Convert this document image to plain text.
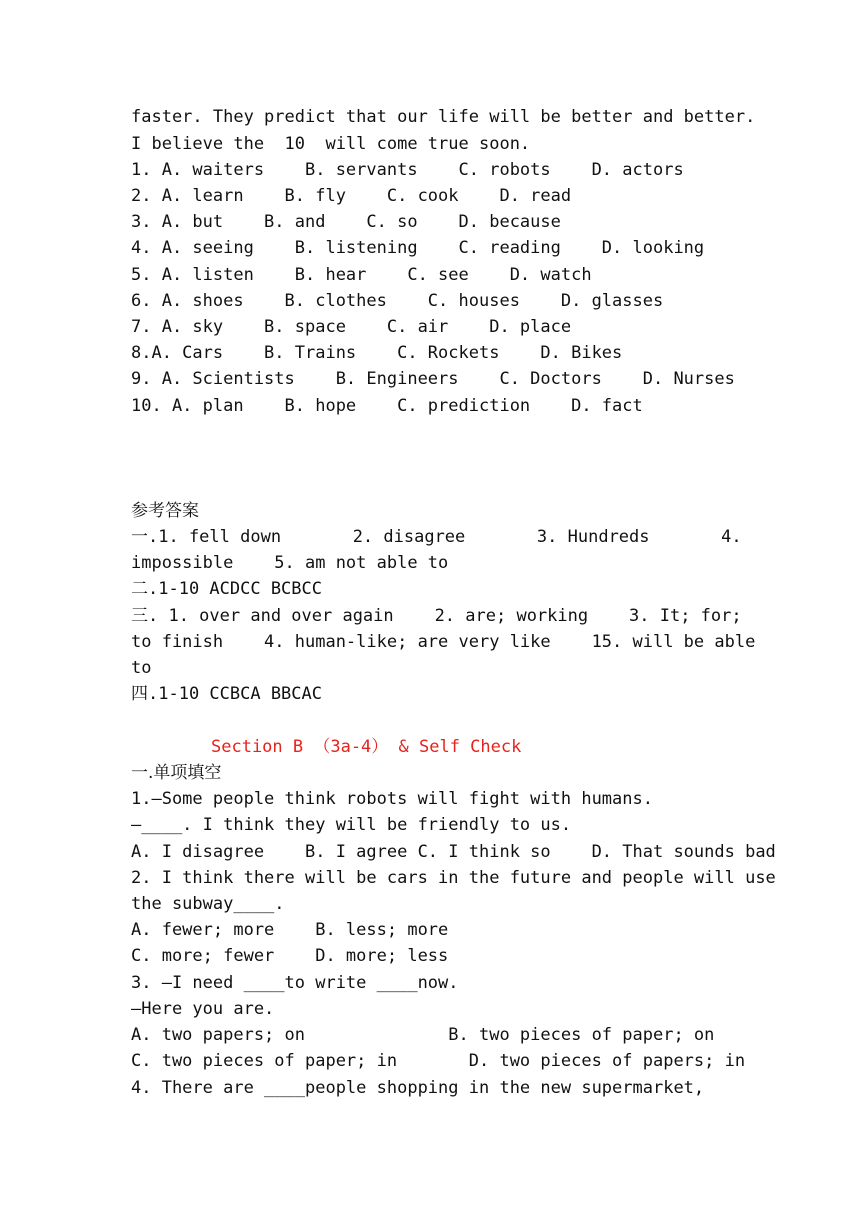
faster. They predict that our life will be better and better.

I believe the  10  will come true soon.

1. A. waiters    B. servants    C. robots    D. actors

2. A. learn    B. fly    C. cook    D. read

3. A. but    B. and    C. so    D. because

4. A. seeing    B. listening    C. reading    D. looking

5. A. listen    B. hear    C. see    D. watch

6. A. shoes    B. clothes    C. houses    D. glasses

7. A. sky    B. space    C. air    D. place

8.A. Cars    B. Trains    C. Rockets    D. Bikes

9. A. Scientists    B. Engineers    C. Doctors    D. Nurses

10. A. plan    B. hope    C. prediction    D. fact

参考答案

一.1. fell down       2. disagree       3. Hundreds       4.

impossible    5. am not able to

二.1-10 ACDCC BCBCC

三. 1. over and over again    2. are; working    3. It; for;

to finish    4. human-like; are very like    15. will be able

to

四.1-10 CCBCA BBCAC

Section B （3a-4） & Self Check

一.单项填空

1.—Some people think robots will fight with humans.

—____. I think they will be friendly to us.

A. I disagree    B. I agree C. I think so    D. That sounds bad

2. I think there will be cars in the future and people will use

the subway____.

A. fewer; more    B. less; more

C. more; fewer    D. more; less

3. —I need ____to write ____now.

—Here you are.

A. two papers; on              B. two pieces of paper; on

C. two pieces of paper; in       D. two pieces of papers; in

4. There are ____people shopping in the new supermarket,
